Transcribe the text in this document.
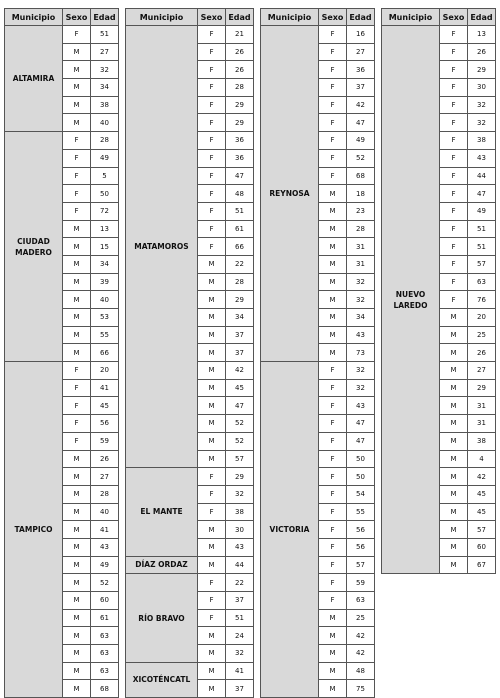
Municipio	Sexo	Edad
ALTAMIRA	F	51
	M	27
	M	32
	M	34
	M	38
	M	40
CIUDAD MADERO	F	28
	F	49
	F	5
	F	50
	F	72
	M	13
	M	15
	M	34
	M	39
	M	40
	M	53
	M	55
	M	66
TAMPICO	F	20
	F	41
	F	45
	F	56
	F	59
	M	26
	M	27
	M	28
	M	40
	M	41
	M	43
	M	49
	M	52
	M	60
	M	61
	M	63
	M	63
	M	63
	M	68
Municipio	Sexo	Edad
MATAMOROS	F	21
	F	26
	F	26
	F	28
	F	29
	F	29
	F	36
	F	36
	F	47
	F	48
	F	51
	F	61
	F	66
	M	22
	M	28
	M	29
	M	34
	M	37
	M	37
	M	42
	M	45
	M	47
	M	52
	M	52
	M	57
EL MANTE	F	29
	F	32
	F	38
	M	30
	M	43
DÍAZ ORDAZ	M	44
RÍO BRAVO	F	22
	F	37
	F	51
	M	24
	M	32
XICOTÉNCATL	M	41
	M	37
Municipio	Sexo	Edad
REYNOSA	F	16
	F	27
	F	36
	F	37
	F	42
	F	47
	F	49
	F	52
	F	68
	M	18
	M	23
	M	28
	M	31
	M	31
	M	32
	M	32
	M	34
	M	43
	M	73
VICTORIA	F	32
	F	32
	F	43
	F	47
	F	47
	F	50
	F	50
	F	54
	F	55
	F	56
	F	56
	F	57
	F	59
	F	63
	M	25
	M	42
	M	42
	M	48
	M	75
Municipio	Sexo	Edad
NUEVO LAREDO	F	13
	F	26
	F	29
	F	30
	F	32
	F	32
	F	38
	F	43
	F	44
	F	47
	F	49
	F	51
	F	51
	F	57
	F	63
	F	76
	M	20
	M	25
	M	26
	M	27
	M	29
	M	31
	M	31
	M	38
	M	4
	M	42
	M	45
	M	45
	M	57
	M	60
	M	67
